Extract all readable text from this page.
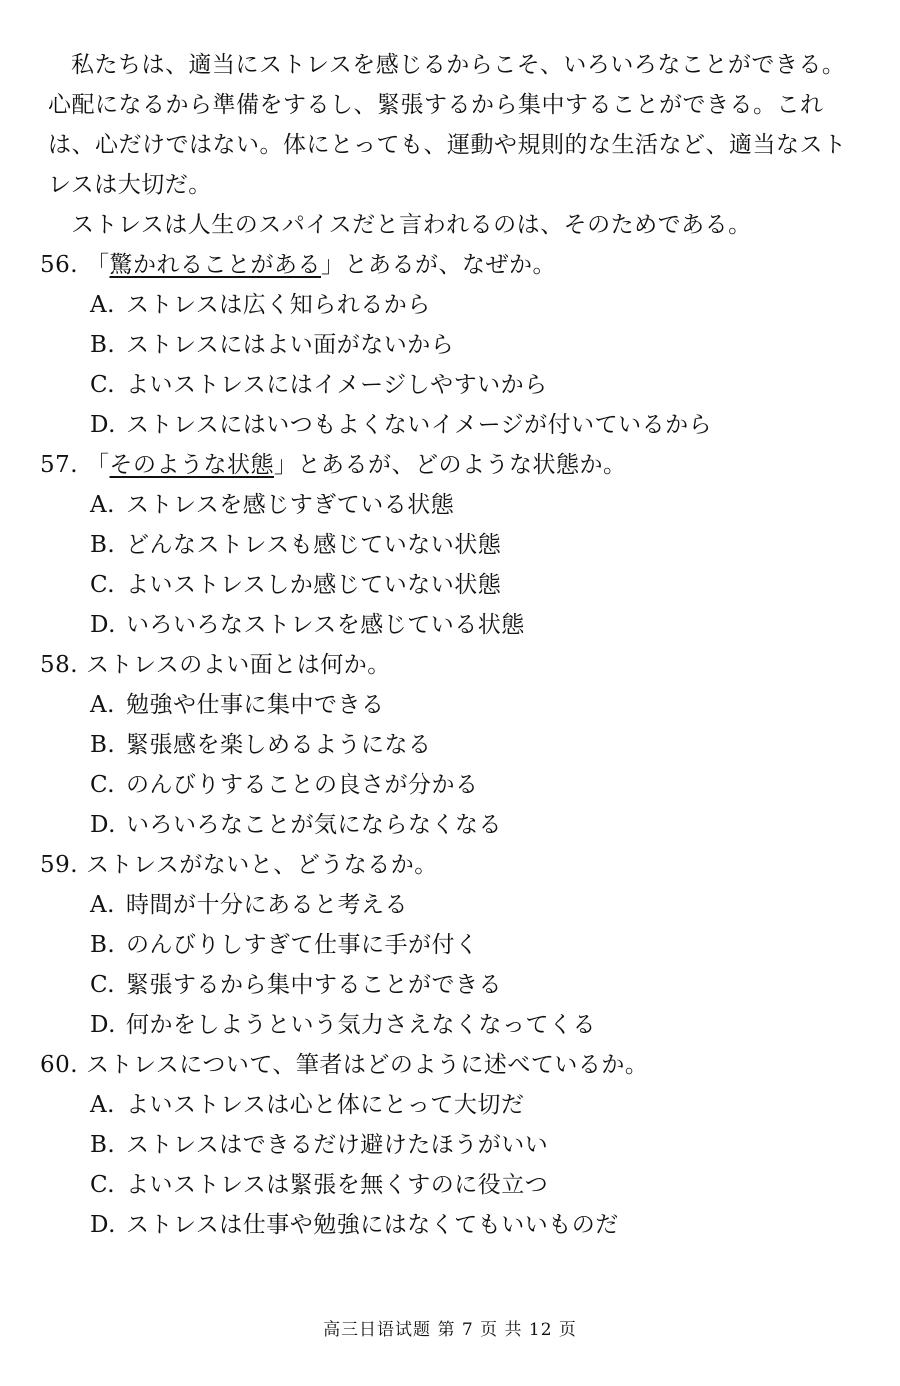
私たちは、適当にストレスを感じるからこそ、いろいろなことができる。心配になるから準備をするし、緊張するから集中することができる。これは、心だけではない。体にとっても、運動や規則的な生活など、適当なストレスは大切だ。

ストレスは人生のスパイスだと言われるのは、そのためである。

56. 「驚かれることがある」とあるが、なぜか。
A. ストレスは広く知られるから
B. ストレスにはよい面がないから
C. よいストレスにはイメージしやすいから
D. ストレスにはいつもよくないイメージが付いているから
57. 「そのような状態」とあるが、どのような状態か。
A. ストレスを感じすぎている状態
B. どんなストレスも感じていない状態
C. よいストレスしか感じていない状態
D. いろいろなストレスを感じている状態
58. ストレスのよい面とは何か。
A. 勉強や仕事に集中できる
B. 緊張感を楽しめるようになる
C. のんびりすることの良さが分かる
D. いろいろなことが気にならなくなる
59. ストレスがないと、どうなるか。
A. 時間が十分にあると考える
B. のんびりしすぎて仕事に手が付く
C. 緊張するから集中することができる
D. 何かをしようという気力さえなくなってくる
60. ストレスについて、筆者はどのように述べているか。
A. よいストレスは心と体にとって大切だ
B. ストレスはできるだけ避けたほうがいい
C. よいストレスは緊張を無くすのに役立つ
D. ストレスは仕事や勉強にはなくてもいいものだ
高三日语试题 第 7 页 共 12 页
